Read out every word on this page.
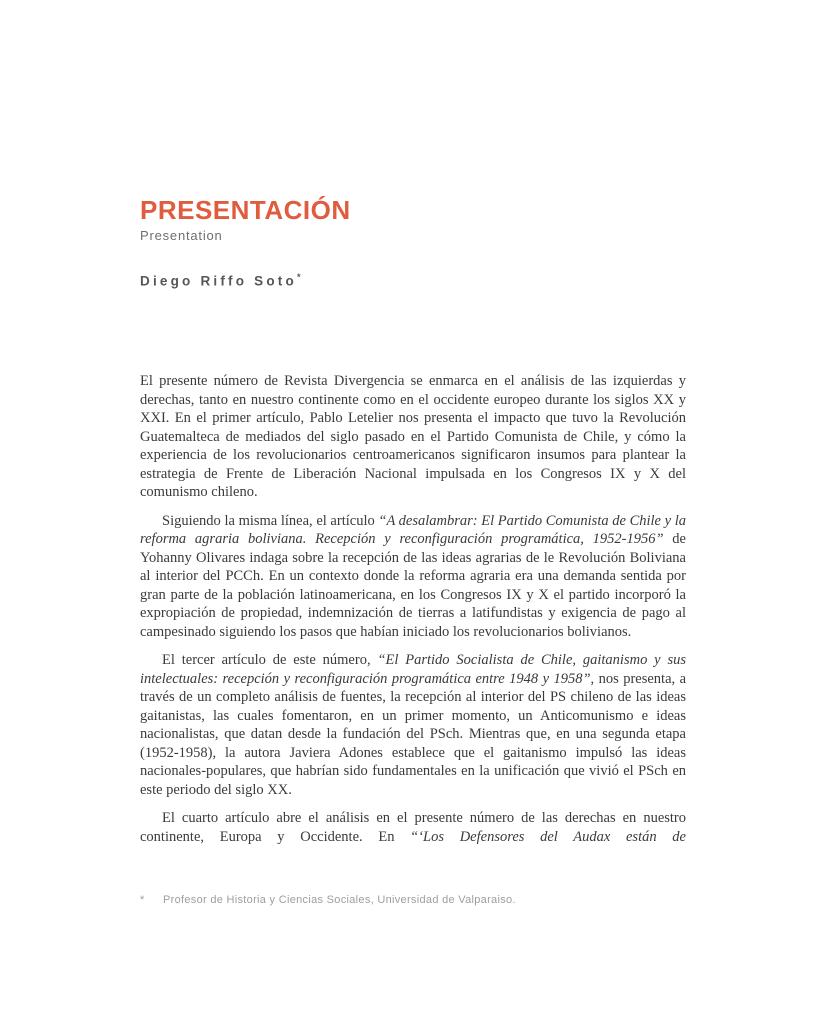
PRESENTACIÓN
Presentation
Diego Riffo Soto*

El presente número de Revista Divergencia se enmarca en el análisis de las izquierdas y derechas, tanto en nuestro continente como en el occidente europeo durante los siglos XX y XXI. En el primer artículo, Pablo Letelier nos presenta el impacto que tuvo la Revolución Guatemalteca de mediados del siglo pasado en el Partido Comunista de Chile, y cómo la experiencia de los revolucionarios centroamericanos significaron insumos para plantear la estrategia de Frente de Liberación Nacional impulsada en los Congresos IX y X del comunismo chileno.

Siguiendo la misma línea, el artículo “A desalambrar: El Partido Comunista de Chile y la reforma agraria boliviana. Recepción y reconfiguración programática, 1952-1956” de Yohanny Olivares indaga sobre la recepción de las ideas agrarias de le Revolución Boliviana al interior del PCCh. En un contexto donde la reforma agraria era una demanda sentida por gran parte de la población latinoamericana, en los Congresos IX y X el partido incorporó la expropiación de propiedad, indemnización de tierras a latifundistas y exigencia de pago al campesinado siguiendo los pasos que habían iniciado los revolucionarios bolivianos.

El tercer artículo de este número, “El Partido Socialista de Chile, gaitanismo y sus intelectuales: recepción y reconfiguración programática entre 1948 y 1958”, nos presenta, a través de un completo análisis de fuentes, la recepción al interior del PS chileno de las ideas gaitanistas, las cuales fomentaron, en un primer momento, un Anticomunismo e ideas nacionalistas, que datan desde la fundación del PSch. Mientras que, en una segunda etapa (1952-1958), la autora Javiera Adones establece que el gaitanismo impulsó las ideas nacionales-populares, que habrían sido fundamentales en la unificación que vivió el PSch en este periodo del siglo XX.

El cuarto artículo abre el análisis en el presente número de las derechas en nuestro continente, Europa y Occidente. En “‘Los Defensores del Audax están de

*	Profesor de Historia y Ciencias Sociales, Universidad de Valparaiso.
